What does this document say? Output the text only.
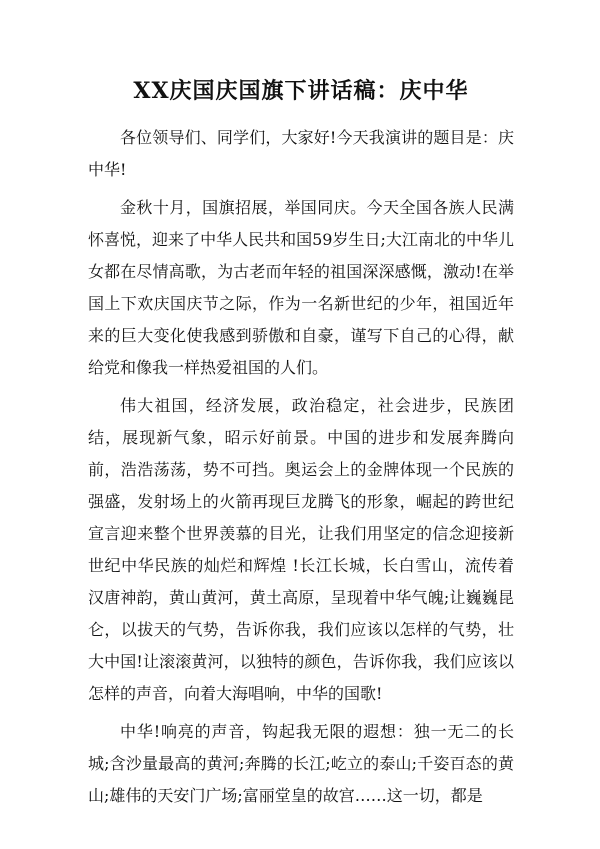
XX庆国庆国旗下讲话稿：庆中华

各位领导们、同学们，大家好!今天我演讲的题目是：庆中华!

金秋十月，国旗招展，举国同庆。今天全国各族人民满怀喜悦，迎来了中华人民共和国59岁生日;大江南北的中华儿女都在尽情高歌，为古老而年轻的祖国深深感慨，激动!在举国上下欢庆国庆节之际，作为一名新世纪的少年，祖国近年来的巨大变化使我感到骄傲和自豪，谨写下自己的心得，献给党和像我一样热爱祖国的人们。

伟大祖国，经济发展，政治稳定，社会进步，民族团结，展现新气象，昭示好前景。中国的进步和发展奔腾向前，浩浩荡荡，势不可挡。奥运会上的金牌体现一个民族的强盛，发射场上的火箭再现巨龙腾飞的形象，崛起的跨世纪宣言迎来整个世界羡慕的目光，让我们用坚定的信念迎接新世纪中华民族的灿烂和辉煌 !长江长城，长白雪山，流传着汉唐神韵，黄山黄河，黄土高原，呈现着中华气魄;让巍巍昆仑，以拔天的气势，告诉你我，我们应该以怎样的气势，壮大中国!让滚滚黄河，以独特的颜色，告诉你我，我们应该以怎样的声音，向着大海唱响，中华的国歌!

中华!响亮的声音，钩起我无限的遐想：独一无二的长城;含沙量最高的黄河;奔腾的长江;屹立的泰山;千姿百态的黄山;雄伟的天安门广场;富丽堂皇的故宫……这一切，都是
